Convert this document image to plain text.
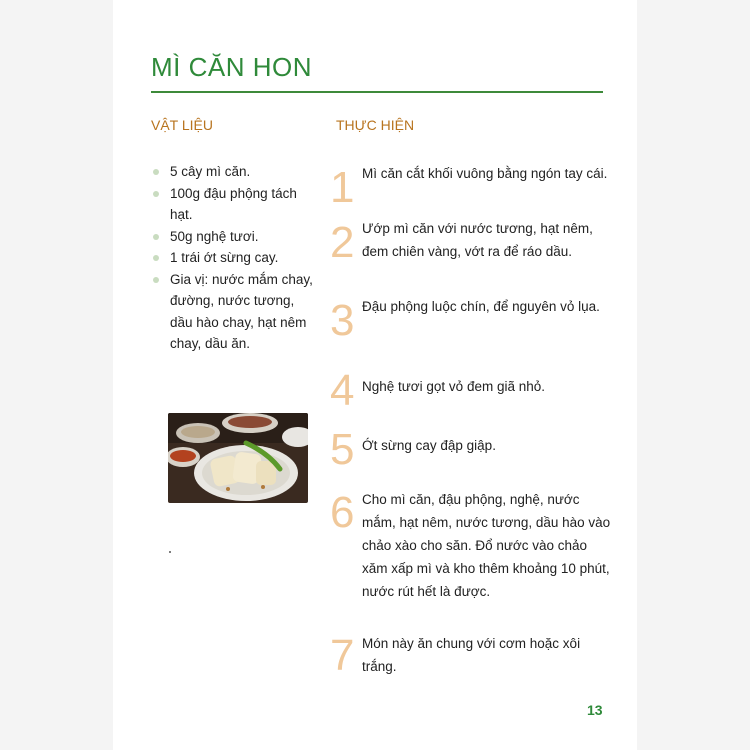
MÌ CĂN HON
VẬT LIỆU	THỰC HIỆN
5 cây mì căn.
100g đậu phộng tách hạt.
50g nghệ tươi.
1 trái ớt sừng cay.
Gia vị: nước mắm chay, đường, nước tương, dầu hào chay, hạt nêm chay, dầu ăn.
1 Mì căn cắt khối vuông bằng ngón tay cái.
2 Ướp mì căn với nước tương, hạt nêm, đem chiên vàng, vớt ra để ráo dầu.
3 Đậu phộng luộc chín, để nguyên vỏ lụa.
4 Nghệ tươi gọt vỏ đem giã nhỏ.
5 Ớt sừng cay đập giập.
6 Cho mì căn, đậu phộng, nghệ, nước mắm, hạt nêm, nước tương, dầu hào vào chảo xào cho săn. Đổ nước vào chảo xăm xấp mì và kho thêm khoảng 10 phút, nước rút hết là được.
7 Món này ăn chung với cơm hoặc xôi trắng.
13
